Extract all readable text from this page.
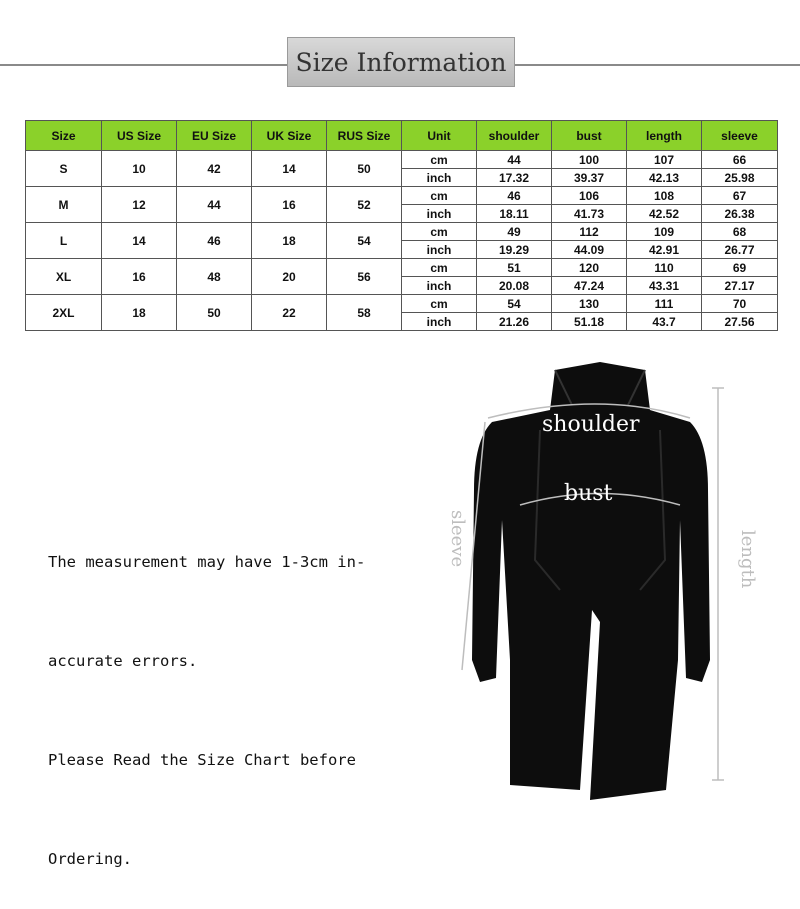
Size Information
Size	US Size	EU Size	UK Size	RUS Size	Unit	shoulder	bust	length	sleeve
S	10	42	14	50	cm	44	100	107	66
					inch	17.32	39.37	42.13	25.98
M	12	44	16	52	cm	46	106	108	67
					inch	18.11	41.73	42.52	26.38
L	14	46	18	54	cm	49	112	109	68
					inch	19.29	44.09	42.91	26.77
XL	16	48	20	56	cm	51	120	110	69
					inch	20.08	47.24	43.31	27.17
2XL	18	50	22	58	cm	54	130	111	70
					inch	21.26	51.18	43.7	27.56

The measurement may have 1-3cm in-

accurate errors.

Please Read the Size Chart before

Ordering.

shoulder
bust
sleeve	length
